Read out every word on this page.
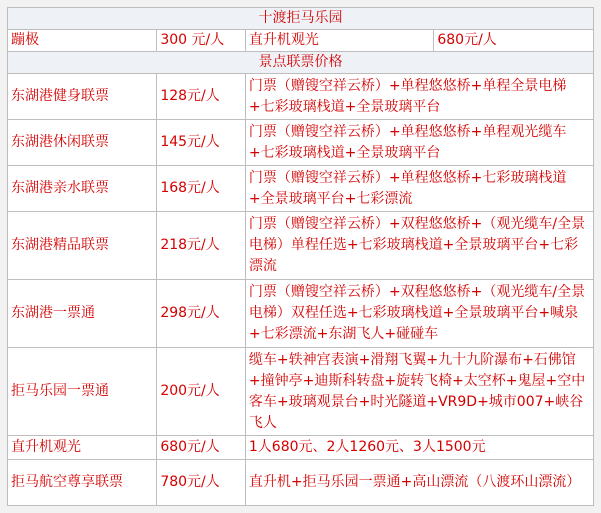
十渡拒马乐园			
蹦极	300 元/人	直升机观光	680元/人
景点联票价格			
东湖港健身联票	128元/人	门票（赠锼空祥云桥）+单程悠悠桥+单程全景电梯+七彩玻璃栈道+全景玻璃平台	
东湖港休闲联票	145元/人	门票（赠锼空祥云桥）+单程悠悠桥+单程观光缆车+七彩玻璃栈道+全景玻璃平台	
东湖港亲水联票	168元/人	门票（赠锼空祥云桥）+单程悠悠桥+七彩玻璃栈道+全景玻璃平台+七彩漂流	
东湖港精品联票	218元/人	门票（赠锼空祥云桥）+双程悠悠桥+（观光缆车/全景电梯）单程任选+七彩玻璃栈道+全景玻璃平台+七彩漂流	
东湖港一票通	298元/人	门票（赠锼空祥云桥）+双程悠悠桥+（观光缆车/全景电梯）双程任选+七彩玻璃栈道+全景玻璃平台+喊泉+七彩漂流+东湖飞人+碰碰车	
拒马乐园一票通	200元/人	缆车+轶神宫表演+滑翔飞翼+九十九阶瀑布+石佛馆+撞钟亭+迪斯科转盘+旋转飞椅+太空杯+鬼屋+空中客车+玻璃观景台+时光隧道+VR9D+城市007+峡谷飞人	
直升机观光	680元/人	1人680元、2人1260元、3人1500元	
拒马航空尊享联票	780元/人	直升机+拒马乐园一票通+高山漂流（八渡环山漂流）	
